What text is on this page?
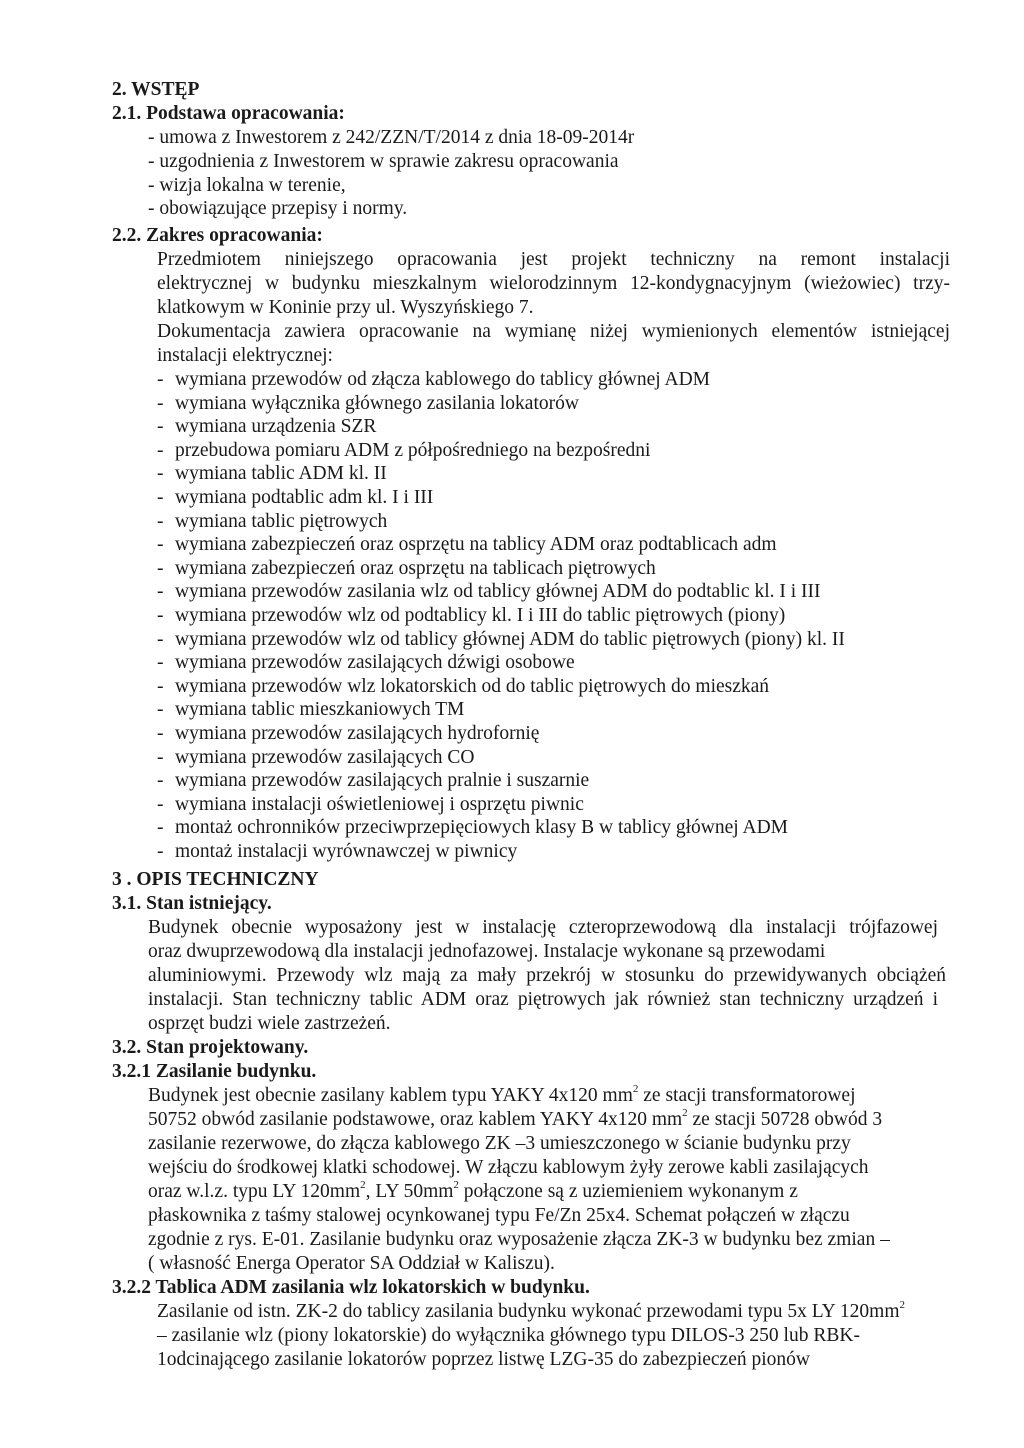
2. WSTĘP
2.1. Podstawa opracowania:
- umowa z Inwestorem z 242/ZZN/T/2014 z dnia 18-09-2014r
- uzgodnienia z Inwestorem w sprawie zakresu opracowania
- wizja lokalna w terenie,
- obowiązujące przepisy i normy.
2.2. Zakres opracowania:
Przedmiotem niniejszego opracowania jest projekt techniczny na remont instalacji
elektrycznej w budynku mieszkalnym wielorodzinnym 12-kondygnacyjnym (wieżowiec) trzy-
klatkowym w Koninie przy ul. Wyszyńskiego 7.
Dokumentacja zawiera opracowanie na wymianę niżej wymienionych elementów istniejącej
instalacji elektrycznej:
- wymiana przewodów od złącza kablowego do tablicy głównej ADM
- wymiana wyłącznika głównego zasilania lokatorów
- wymiana urządzenia SZR
- przebudowa pomiaru ADM z półpośredniego na bezpośredni
- wymiana tablic ADM kl. II
- wymiana podtablic adm kl. I i III
- wymiana tablic piętrowych
- wymiana zabezpieczeń oraz osprzętu na tablicy ADM oraz podtablicach adm
- wymiana zabezpieczeń oraz osprzętu na tablicach piętrowych
- wymiana przewodów zasilania wlz od tablicy głównej ADM do podtablic kl. I i III
- wymiana przewodów wlz od podtablicy kl. I i III do tablic piętrowych (piony)
- wymiana przewodów wlz od tablicy głównej ADM do tablic piętrowych (piony) kl. II
- wymiana przewodów zasilających dźwigi osobowe
- wymiana przewodów wlz lokatorskich od do tablic piętrowych do mieszkań
- wymiana tablic mieszkaniowych TM
- wymiana przewodów zasilających hydrofornię
- wymiana przewodów zasilających CO
- wymiana przewodów zasilających pralnie i suszarnie
- wymiana instalacji oświetleniowej i osprzętu piwnic
- montaż ochronników przeciwprzepięciowych klasy B w tablicy głównej ADM
- montaż instalacji wyrównawczej w piwnicy
3 . OPIS TECHNICZNY
3.1. Stan istniejący.
Budynek obecnie wyposażony jest w instalację czteroprzewodową dla instalacji trójfazowej
oraz dwuprzewodową dla instalacji jednofazowej. Instalacje wykonane są przewodami
aluminiowymi. Przewody wlz mają za mały przekrój w stosunku do przewidywanych obciążeń
instalacji. Stan techniczny tablic ADM oraz piętrowych jak również stan techniczny urządzeń i
osprzęt budzi wiele zastrzeżeń.
3.2. Stan projektowany.
3.2.1 Zasilanie budynku.
Budynek jest obecnie zasilany kablem typu YAKY 4x120 $mm^2$ ze stacji transformatorowej
50752 obwód zasilanie podstawowe, oraz kablem YAKY 4x120 $mm^2$ ze stacji 50728 obwód 3
zasilanie rezerwowe, do złącza kablowego ZK –3 umieszczonego w ścianie budynku przy
wejściu do środkowej klatki schodowej. W złączu kablowym żyły zerowe kabli zasilających
oraz w.l.z. typu LY $120mm^2$, LY $50mm^2$ połączone są z uziemieniem wykonanym z
płaskownika z taśmy stalowej ocynkowanej typu Fe/Zn 25x4. Schemat połączeń w złączu
zgodnie z rys. E-01. Zasilanie budynku oraz wyposażenie złącza ZK-3 w budynku bez zmian –
( własność Energa Operator SA Oddział w Kaliszu).
3.2.2 Tablica ADM zasilania wlz lokatorskich w budynku.
Zasilanie od istn. ZK-2 do tablicy zasilania budynku wykonać przewodami typu 5x LY $120mm^2$
– zasilanie wlz (piony lokatorskie) do wyłącznika głównego typu DILOS-3 250 lub RBK-
1odcinającego zasilanie lokatorów poprzez listwę LZG-35 do zabezpieczeń pionów
